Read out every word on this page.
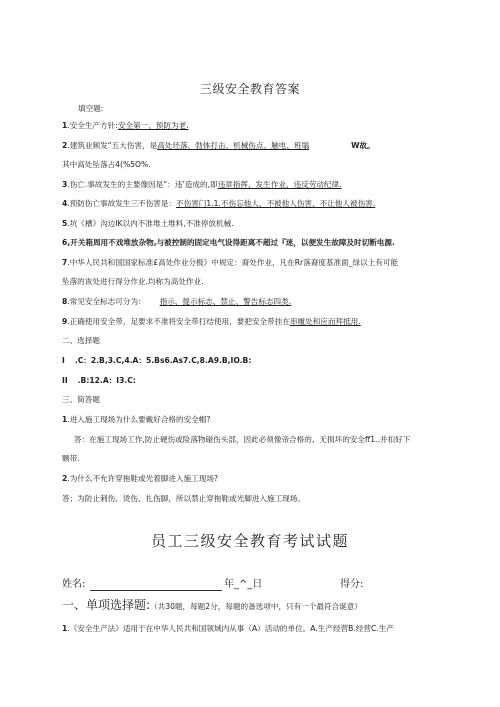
三级安全教育答案
填空题:
1.安全生产方针:安全第一、预防为老.
2.建筑业频发“五大伤害，是高处坯落、勃体打击、机械伤点、触电、班塌	W故。
其中高处坠落占4(%5O%.
3.伤亡.事故发生的主要像因是“：违’造成的,即违章指挥、发生作业、违反劳动纪律.
4.预防伤亡事故发生三不伤害是：不伤害门1.1.不伤忘他人、不被他人伤害、不让他人被伤害.
5.坑《槽》沟边IK以内不准堆土堆料,不准停放机械.
6,开关箱周用不戏堆放杂物,与被控制的固定电气设得距离不超过『迷，以便发生故障及时切断电源.
7.中华人民共和国国家标准£高处作业分极》中规定：裔处作业，凡在Rr落裔度基准面_绿以上有可能
坠落的诙处进行得分作业.均称为高处作业.
8.常见安全标志可分为： 指示、提示标志、禁止、警告标志四类.
9.正确使用安全带，足要求不准将安全带打结使用，要把安全带挂在串履处和应而拜抵用.
二、选择题
I .C：2.B,3.C,4.A：5.Bs6.As7.C,8.A9.B,IO.B:
II .B:12.A：I3.C:
三、简答题
1.进入施工现场为什么要戴好合格的安全帽?
答：在施工现场工作,防止硬伤或险落物碰伤头部，因此必须像帝合格的、无损坏的安全ff1..并扣好下
颗带.
2.为什么不允许穿拖鞋或光着脚进入施工现场?
答；为防止刺伤、烫伤、扎伤脚，所以禁止穿拖鞋或光脚进入施工现场。
员工三级安全教育考试试题
姓名:	年_^_日	得分:
一、单项选择题:（共30题，每题2分，每题的备选项中，只有一个最符合诞意）
1.《安全生产法》适用于在中华人民共和国领域内从事（A）活动的单位。A.生产经营B.经营C.生产
